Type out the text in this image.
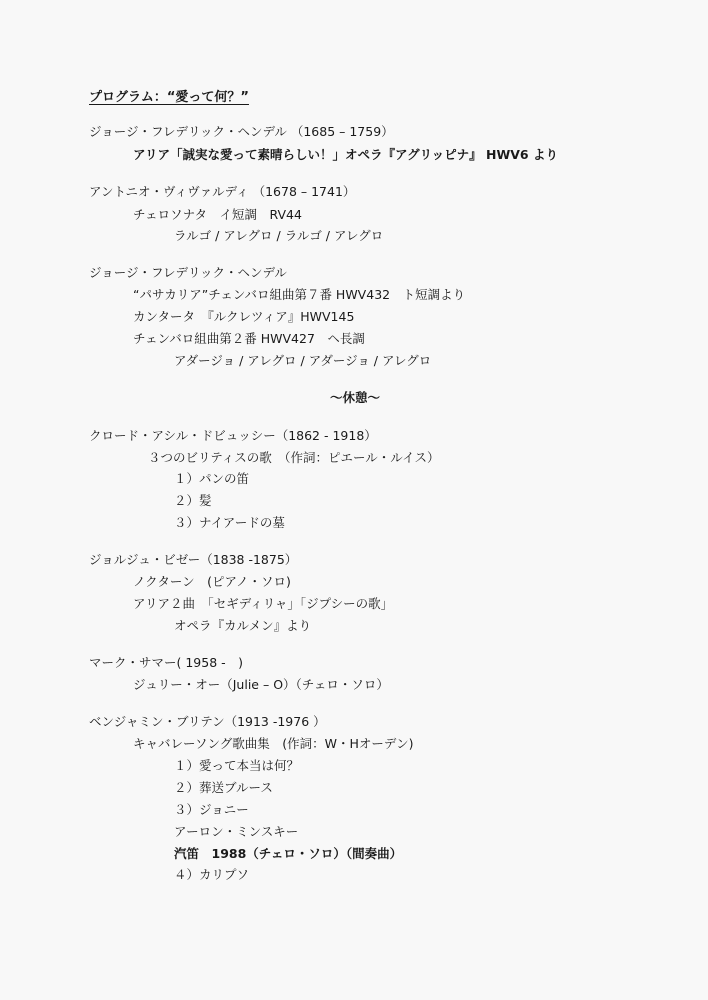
プログラム：“愛って何？”
ジョージ・フレデリック・ヘンデル （1685 – 1759）
アリア「誠実な愛って素晴らしい！」オペラ『アグリッピナ』 HWV6 より
アントニオ・ヴィヴァルディ （1678 – 1741）
チェロソナタ　イ短調　RV44
ラルゴ / アレグロ / ラルゴ / アレグロ
ジョージ・フレデリック・ヘンデル
“パサカリア”チェンバロ組曲第７番 HWV432　ト短調より
カンタータ　『ルクレツィア』HWV145
チェンバロ組曲第２番 HWV427　ヘ長調
アダージョ / アレグロ / アダージョ / アレグロ
～休憩～
クロード・アシル・ドビュッシー（1862 - 1918）
３つのビリティスの歌　（作詞：ピエール・ルイス）
１）パンの笛
２）髪
３）ナイアードの墓
ジョルジュ・ビゼー（1838 -1875）
ノクターン　(ピアノ・ソロ)
アリア２曲　「セギディリャ」「ジプシーの歌」
オペラ『カルメン』より
マーク・サマー( 1958 -　)
ジュリー・オー（Julie – O）（チェロ・ソロ）
ベンジャミン・ブリテン（1913 -1976 ）
キャバレーソング歌曲集　(作詞：W・Hオーデン)
１）愛って本当は何？
２）葬送ブルース
３）ジョニー
アーロン・ミンスキー
汽笛　1988（チェロ・ソロ）（間奏曲）
４）カリプソ
